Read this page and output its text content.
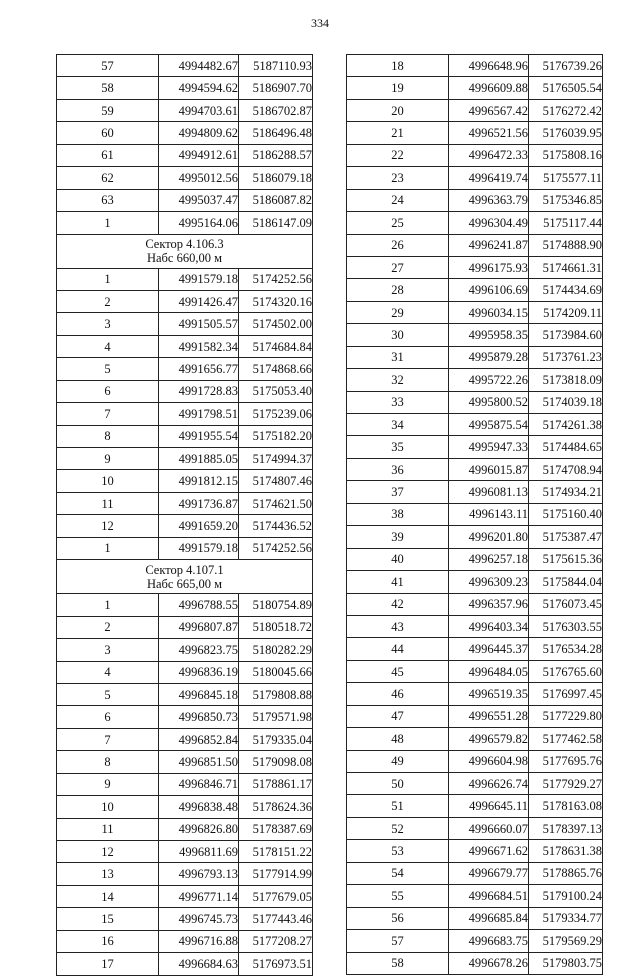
334
57	4994482.67	5187110.93
58	4994594.62	5186907.70
59	4994703.61	5186702.87
60	4994809.62	5186496.48
61	4994912.61	5186288.57
62	4995012.56	5186079.18
63	4995037.47	5186087.82
1	4995164.06	5186147.09

Сектор 4.106.3
Набс 660,00 м		

1	4991579.18	5174252.56
2	4991426.47	5174320.16
3	4991505.57	5174502.00
4	4991582.34	5174684.84
5	4991656.77	5174868.66
6	4991728.83	5175053.40
7	4991798.51	5175239.06
8	4991955.54	5175182.20
9	4991885.05	5174994.37
10	4991812.15	5174807.46
11	4991736.87	5174621.50
12	4991659.20	5174436.52
1	4991579.18	5174252.56

Сектор 4.107.1
Набс 665,00 м		

1	4996788.55	5180754.89
2	4996807.87	5180518.72
3	4996823.75	5180282.29
4	4996836.19	5180045.66
5	4996845.18	5179808.88
6	4996850.73	5179571.98
7	4996852.84	5179335.04
8	4996851.50	5179098.08
9	4996846.71	5178861.17
10	4996838.48	5178624.36
11	4996826.80	5178387.69
12	4996811.69	5178151.22
13	4996793.13	5177914.99
14	4996771.14	5177679.05
15	4996745.73	5177443.46
16	4996716.88	5177208.27
17	4996684.63	5176973.51
18	4996648.96	5176739.26
19	4996609.88	5176505.54
20	4996567.42	5176272.42
21	4996521.56	5176039.95
22	4996472.33	5175808.16
23	4996419.74	5175577.11
24	4996363.79	5175346.85
25	4996304.49	5175117.44
26	4996241.87	5174888.90
27	4996175.93	5174661.31
28	4996106.69	5174434.69
29	4996034.15	5174209.11
30	4995958.35	5173984.60
31	4995879.28	5173761.23
32	4995722.26	5173818.09
33	4995800.52	5174039.18
34	4995875.54	5174261.38
35	4995947.33	5174484.65
36	4996015.87	5174708.94
37	4996081.13	5174934.21
38	4996143.11	5175160.40
39	4996201.80	5175387.47
40	4996257.18	5175615.36
41	4996309.23	5175844.04
42	4996357.96	5176073.45
43	4996403.34	5176303.55
44	4996445.37	5176534.28
45	4996484.05	5176765.60
46	4996519.35	5176997.45
47	4996551.28	5177229.80
48	4996579.82	5177462.58
49	4996604.98	5177695.76
50	4996626.74	5177929.27
51	4996645.11	5178163.08
52	4996660.07	5178397.13
53	4996671.62	5178631.38
54	4996679.77	5178865.76
55	4996684.51	5179100.24
56	4996685.84	5179334.77
57	4996683.75	5179569.29
58	4996678.26	5179803.75
